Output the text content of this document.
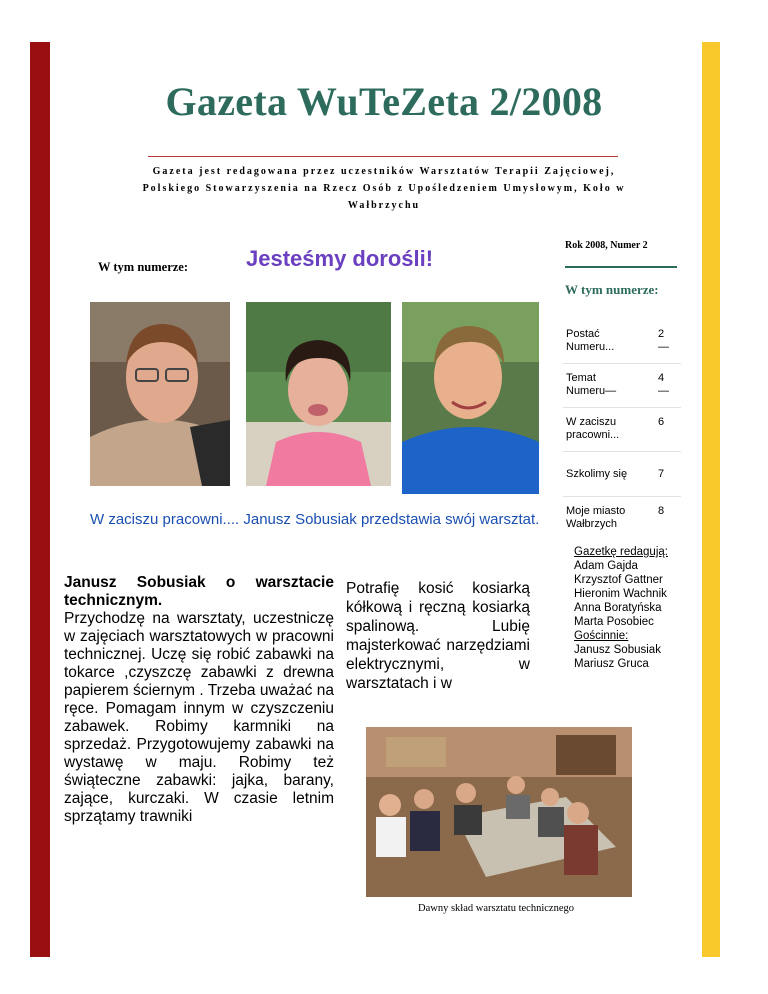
Gazeta WuTeZeta 2/2008
Gazeta jest redagowana przez uczestników Warsztatów Terapii Zajęciowej,
Polskiego Stowarzyszenia na Rzecz Osób z Upośledzeniem Umysłowym, Koło w
Wałbrzychu
W tym numerze:	Jesteśmy dorośli!
Rok 2008, Numer 2
W tym numerze:
Postać
Numeru...
2
—
Temat
Numeru—
4
—
W zaciszu
pracowni...
6
Szkolimy się	7
Moje miasto
Wałbrzych
8
W zaciszu pracowni.... Janusz Sobusiak przedstawia swój warsztat.
Janusz Sobusiak o warsztacie technicznym.
Przychodzę na warsztaty, uczestniczę w zajęciach warsztatowych w pracowni technicznej. Uczę się robić zabawki na tokarce ,czyszczę zabawki z drewna papierem ściernym . Trzeba uważać na ręce. Pomagam innym w czyszczeniu zabawek. Robimy karmniki na sprzedaż. Przygotowujemy zabawki na wystawę w maju. Robimy też świąteczne zabawki: jajka, barany, zające, kurczaki. W czasie letnim sprzątamy trawniki
Potrafię kosić kosiarką kółkową i ręczną kosiarką spalinową. Lubię majsterkować narzędziami elektrycznymi, w warsztatach i w
Gazetkę redagują:
Adam Gajda
Krzysztof Gattner
Hieronim Wachnik
Anna Boratyńska
Marta Posobiec
Gościnnie:
Janusz Sobusiak
Mariusz Gruca
Dawny skład warsztatu technicznego
